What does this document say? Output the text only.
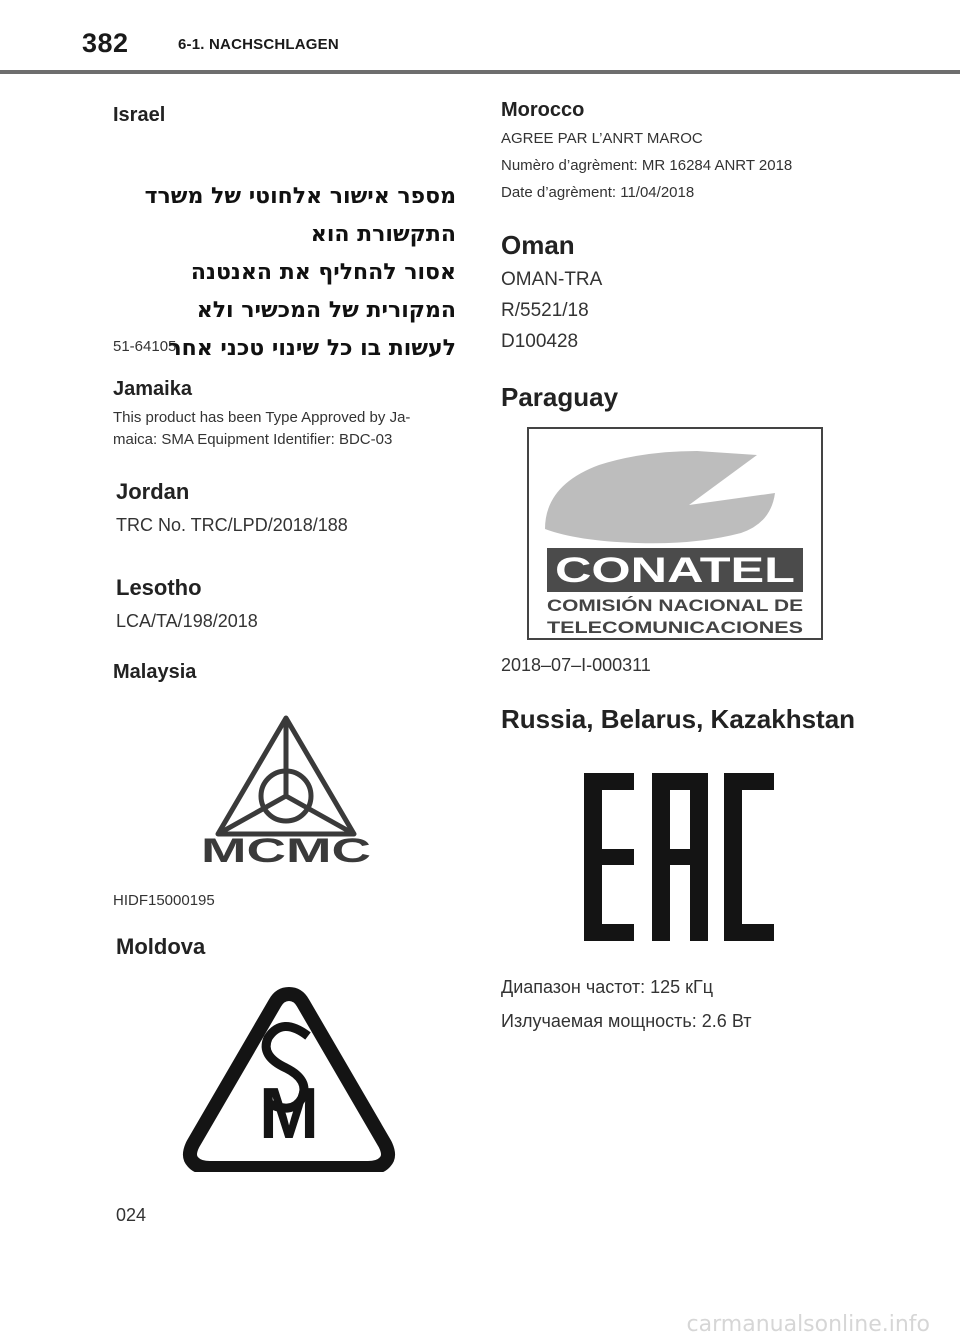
382	6-1. NACHSCHLAGEN
Israel
מספר אישור אלחוטי של משרד התקשורת הוא
אסור להחליף את האנטנה המקורית של המכשיר ולא
לעשות בו כל שינוי טכני אחר
51-64105
Jamaika
This product has been Type Approved by Ja-
maica: SMA Equipment Identifier: BDC-03
Jordan
TRC No. TRC/LPD/2018/188
Lesotho
LCA/TA/198/2018
Malaysia
MCMC
HIDF15000195
Moldova
M
024
Morocco
AGREE PAR L’ANRT MAROC
Numèro d’agrèment: MR 16284 ANRT 2018
Date d’agrèment: 11/04/2018
Oman
OMAN-TRA
R/5521/18
D100428
Paraguay
CONATEL
COMISIÓN NACIONAL DE
TELECOMUNICACIONES
2018–07–I-000311
Russia, Belarus, Kazakhstan
Диапазон частот: 125 кГц
Излучаемая мощность: 2.6 Вт
carmanualsonline.info
